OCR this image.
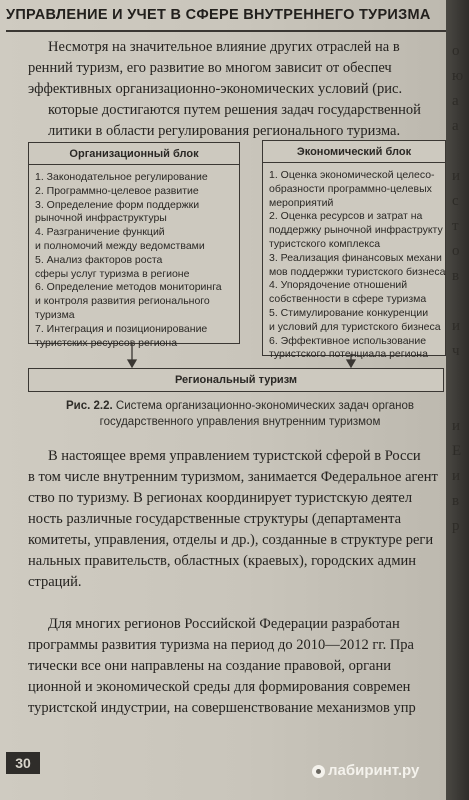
УПРАВЛЕНИЕ И УЧЕТ В СФЕРЕ ВНУТРЕННЕГО ТУРИЗМА
Несмотря на значительное влияние других отраслей на в
ренний туризм, его развитие во многом зависит от обеспеч
эффективных организационно-экономических условий (рис.
которые достигаются путем решения задач государственной
литики в области регулирования регионального туризма.
Организационный блок
1. Законодательное регулирование
2. Программно-целевое развитие
3. Определение форм поддержки
рыночной инфраструктуры
4. Разграничение функций
и полномочий между ведомствами
5. Анализ факторов роста
сферы услуг туризма в регионе
6. Определение методов мониторинга
и контроля развития регионального
туризма
7. Интеграция и позиционирование
туристских ресурсов региона
Экономический блок
1. Оценка экономической целесо-
образности программно-целевых
мероприятий
2. Оценка ресурсов и затрат на
поддержку рыночной инфраструкту
туристского комплекса
3. Реализация финансовых механи
мов поддержки туристского бизнеса
4. Упорядочение отношений
собственности в сфере туризма
5. Стимулирование конкуренции
и условий для туристского бизнеса
6. Эффективное использование
туристского потенциала региона
Региональный туризм
Рис. 2.2. Система организационно-экономических задач органов государственного управления внутренним туризмом
В настоящее время управлением туристской сферой в Росси
в том числе внутренним туризмом, занимается Федеральное агент
ство по туризму. В регионах координирует туристскую деятел
ность различные государственные структуры (департамента
комитеты, управления, отделы и др.), созданные в структуре реги
нальных правительств, областных (краевых), городских админ
страций.
Для многих регионов Российской Федерации разработан
программы развития туризма на период до 2010—2012 гг. Пра
тически все они направлены на создание правовой, органи
ционной и экономической среды для формирования современ
туристской индустрии, на совершенствование механизмов упр
30
о
ю
а
а
и
с
т
о
в
и
ч
и
Е
и
в
р
лабиринт.ру
